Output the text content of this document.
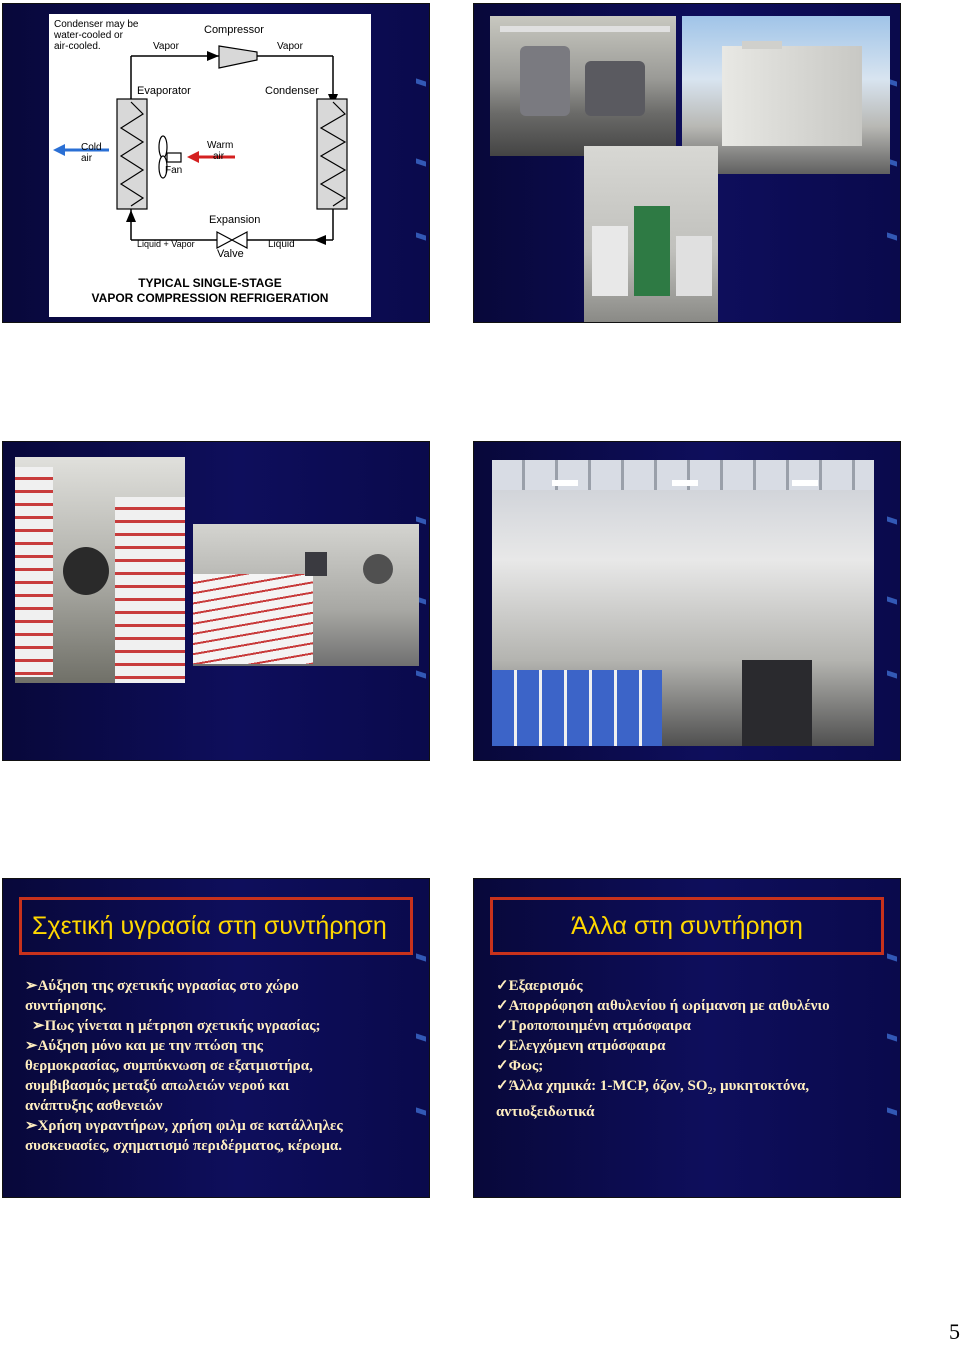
Condenser may be
water-cooled or
air-cooled.
Compressor
Vapor	Vapor
Evaporator	Condenser
Cold
air
Warm
air
Fan
Expansion
Valve
Liquid + Vapor	Liquid
TYPICAL SINGLE-STAGE
VAPOR COMPRESSION REFRIGERATION
Σχετική υγρασία στη συντήρηση

➢Αύξηση της σχετικής υγρασίας στο χώρο

συντήρησης.

➢Πως γίνεται η μέτρηση σχετικής υγρασίας;

➢Αύξηση μόνο και με την πτώση της

θερμοκρασίας, συμπύκνωση σε εξατμιστήρα,

συμβιβασμός μεταξύ απωλειών νερού και

ανάπτυξης ασθενειών

➢Χρήση υγραντήρων, χρήση φιλμ σε κατάλληλες

συσκευασίες, σχηματισμό περιδέρματος, κέρωμα.

Άλλα στη συντήρηση

✓Εξαερισμός

✓Απορρόφηση αιθυλενίου ή ωρίμανση με αιθυλένιο

✓Τροποποιημένη ατμόσφαιρα

✓Ελεγχόμενη ατμόσφαιρα

✓Φως;

✓Άλλα χημικά: 1-MCP, όζον, $SO_2$, μυκητοκτόνα,

αντιοξειδωτικά

5
